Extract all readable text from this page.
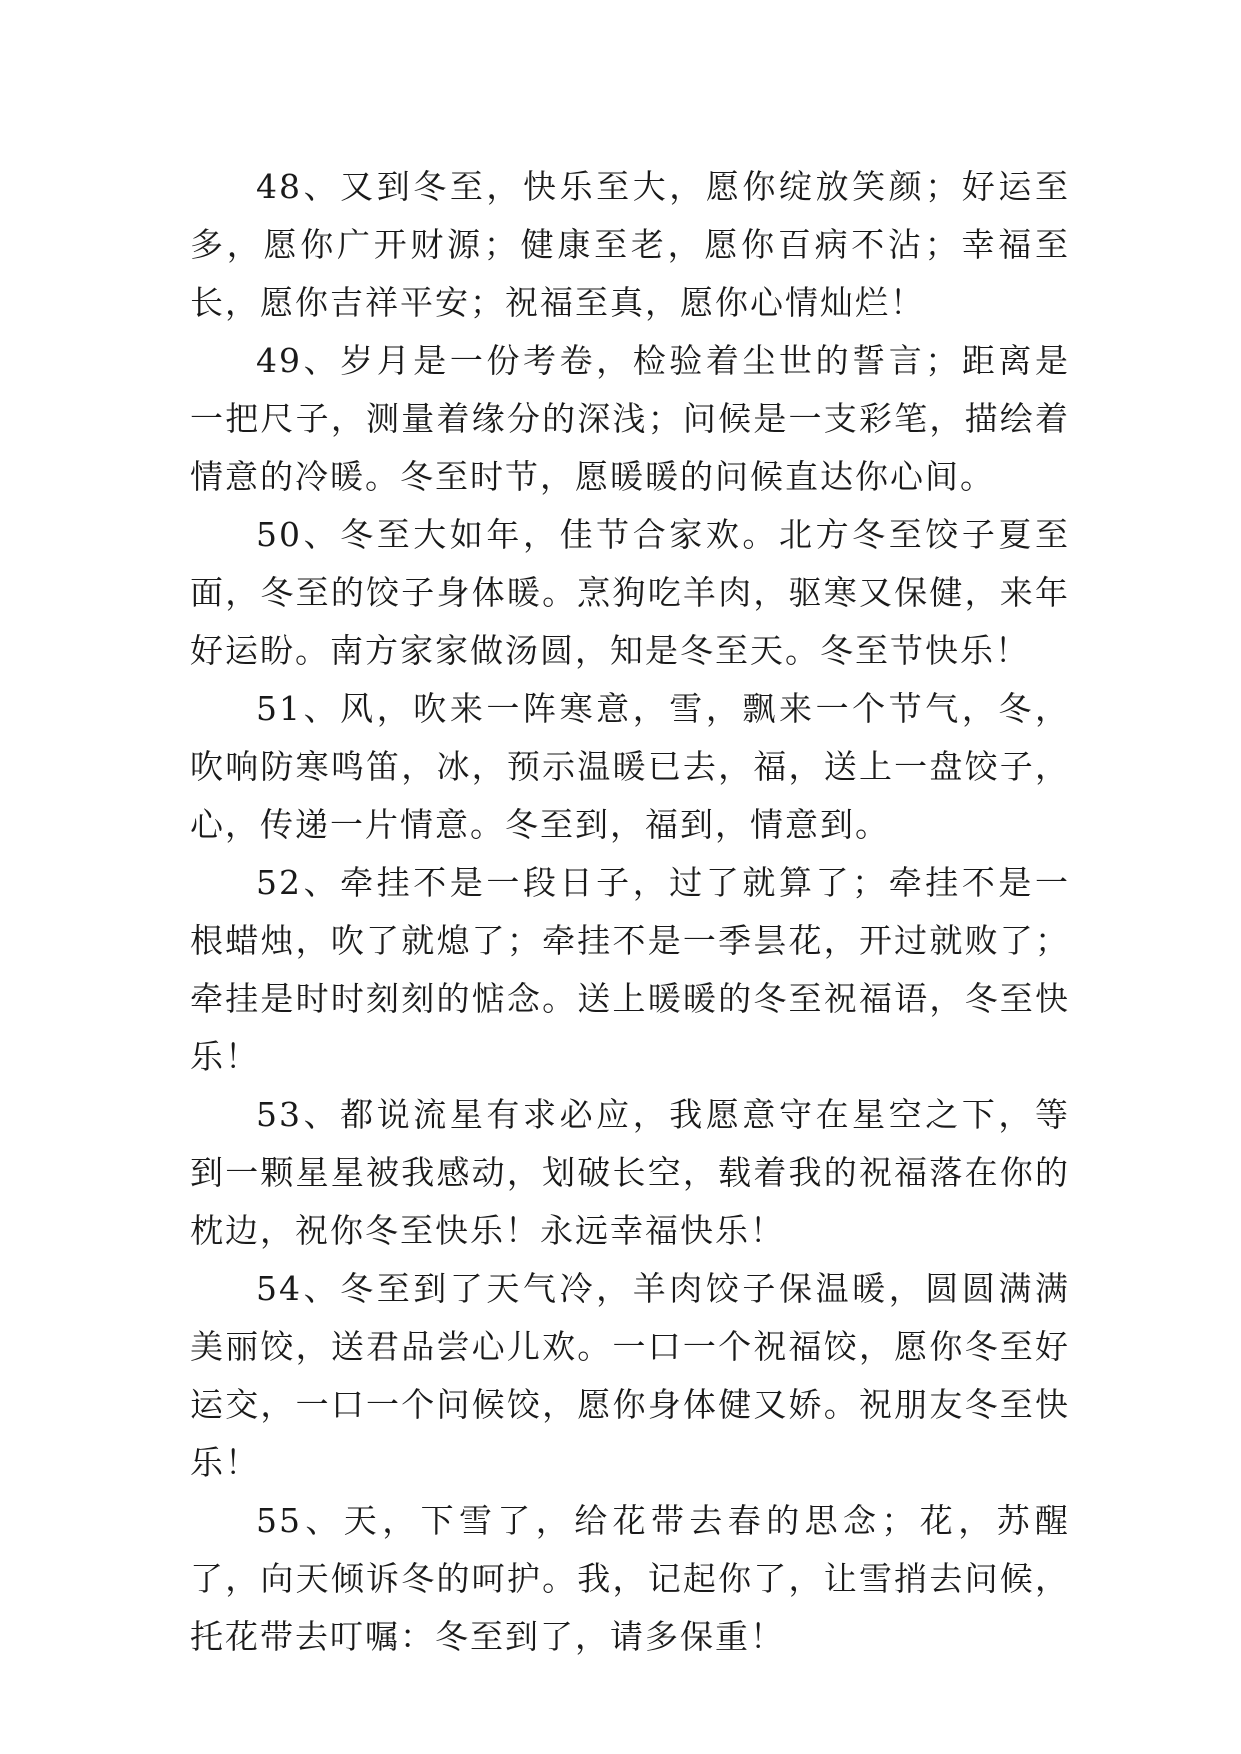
48、又到冬至，快乐至大，愿你绽放笑颜；好运至多，愿你广开财源；健康至老，愿你百病不沾；幸福至长，愿你吉祥平安；祝福至真，愿你心情灿烂！

49、岁月是一份考卷，检验着尘世的誓言；距离是一把尺子，测量着缘分的深浅；问候是一支彩笔，描绘着情意的冷暖。冬至时节，愿暖暖的问候直达你心间。

50、冬至大如年，佳节合家欢。北方冬至饺子夏至面，冬至的饺子身体暖。烹狗吃羊肉，驱寒又保健，来年好运盼。南方家家做汤圆，知是冬至天。冬至节快乐！

51、风，吹来一阵寒意，雪，飘来一个节气，冬，吹响防寒鸣笛，冰，预示温暖已去，福，送上一盘饺子，心，传递一片情意。冬至到，福到，情意到。

52、牵挂不是一段日子，过了就算了；牵挂不是一根蜡烛，吹了就熄了；牵挂不是一季昙花，开过就败了；牵挂是时时刻刻的惦念。送上暖暖的冬至祝福语，冬至快乐！

53、都说流星有求必应，我愿意守在星空之下，等到一颗星星被我感动，划破长空，载着我的祝福落在你的枕边，祝你冬至快乐！永远幸福快乐！

54、冬至到了天气冷，羊肉饺子保温暖，圆圆满满美丽饺，送君品尝心儿欢。一口一个祝福饺，愿你冬至好运交，一口一个问候饺，愿你身体健又娇。祝朋友冬至快乐！

55、天，下雪了，给花带去春的思念；花，苏醒了，向天倾诉冬的呵护。我，记起你了，让雪捎去问候，托花带去叮嘱：冬至到了，请多保重！
